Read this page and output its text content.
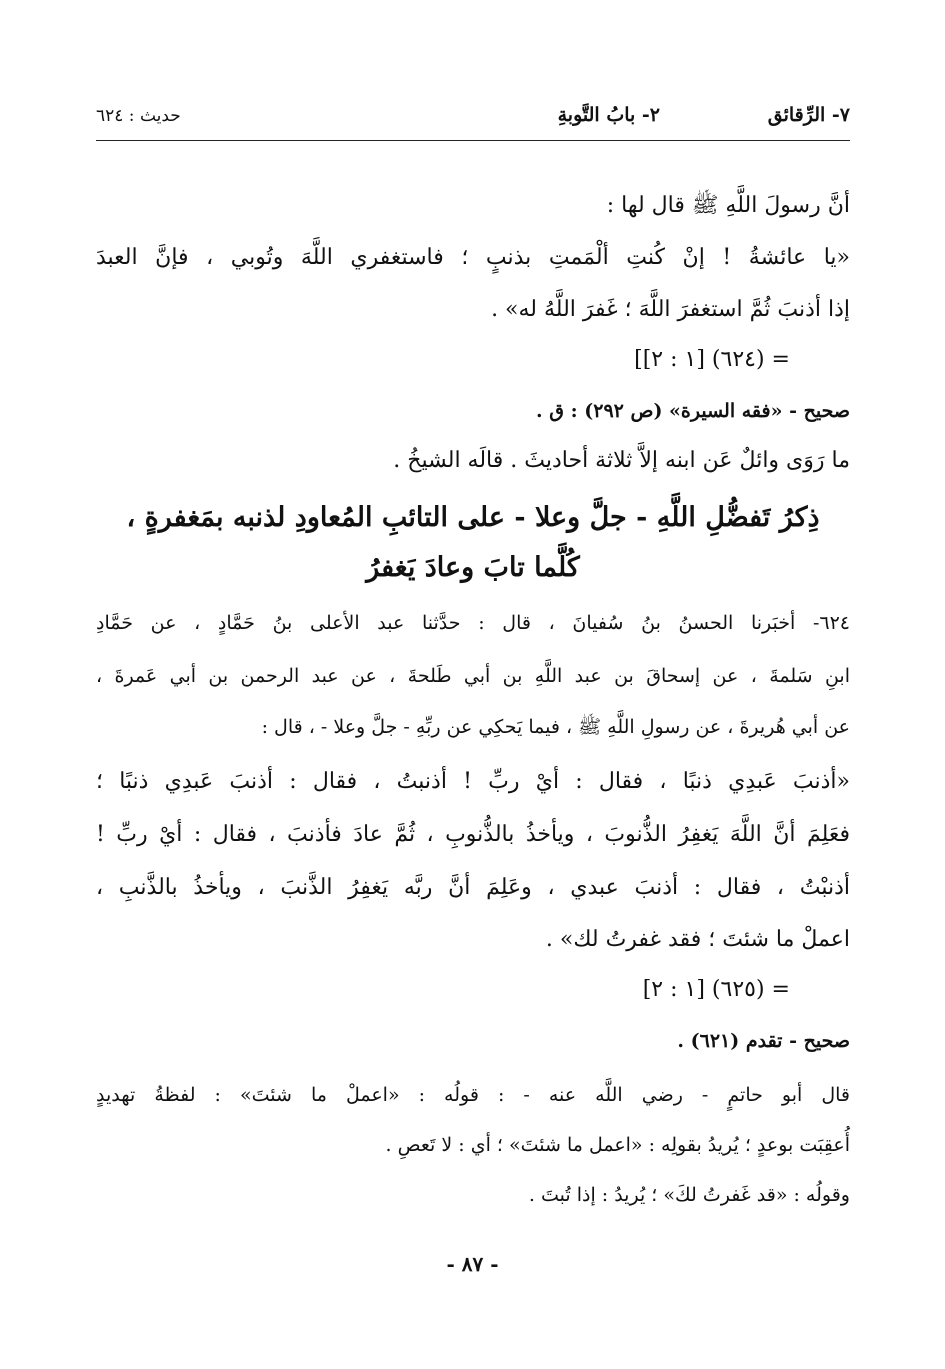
٧- الرِّقائق
٢- بابُ التَّوبةِ
حديث : ٦٢٤
أنَّ رسولَ اللَّهِ ﷺ قال لها :
«يا عائشةُ ! إنْ كُنتِ ألْمَمتِ بذنبٍ ؛ فاستغفري اللَّهَ وتُوبي ، فإنَّ العبدَ
إذا أذنبَ ثُمَّ استغفرَ اللَّهَ ؛ غَفرَ اللَّهُ له» .
= (٦٢٤) [١ : ٢]]
صحيح - «فقه السيرة» (ص ٢٩٢) : ق .
ما رَوَى وائلٌ عَن ابنه إلاَّ ثلاثة أحاديثَ . قالَه الشيخُ .
ذِكرُ تَفضُّلِ اللَّهِ - جلَّ وعلا - على التائبِ المُعاودِ لذنبه بمَغفرةٍ ،
كُلَّما تابَ وعادَ يَغفرُ
٦٢٤- أخبَرنا الحسنُ بنُ سُفيانَ ، قال : حدَّثنا عبد الأعلى بنُ حَمَّادٍ ، عن حَمَّادِ
ابنِ سَلمةَ ، عن إسحاقَ بن عبد اللَّهِ بن أبي طَلحةَ ، عن عبد الرحمن بن أبي عَمرةَ ،
عن أبي هُريرةَ ، عن رسولِ اللَّهِ ﷺ ، فيما يَحكِي عن ربِّهِ - جلَّ وعلا - ، قال :
«أذنبَ عَبدِي ذنبًا ، فقال : أيْ ربِّ ! أذنبتُ ، فقال : أذنبَ عَبدِي ذنبًا ؛
فعَلِمَ أنَّ اللَّهَ يَغفِرُ الذُّنوبَ ، ويأخذُ بالذُّنوبِ ، ثُمَّ عادَ فأذنبَ ، فقال : أيْ ربِّ !
أذنبْتُ ، فقال : أذنبَ عبدي ، وعَلِمَ أنَّ ربَّه يَغفِرُ الذَّنبَ ، ويأخذُ بالذَّنبِ ،
اعملْ ما شئتَ ؛ فقد غفرتُ لك» .
= (٦٢٥) [١ : ٢]
صحيح - تقدم (٦٢١) .
قال أبو حاتمٍ - رضي اللَّه عنه - : قولُه : «اعملْ ما شئتَ» : لفظةُ تهديدٍ
أُعقِبَت بوعدٍ ؛ يُريدُ بقولِه : «اعمل ما شئتَ» ؛ أي : لا تَعصِ .
وقولُه : «قد غَفرتُ لكَ» ؛ يُريدُ : إذا تُبتَ .
- ٨٧ -
